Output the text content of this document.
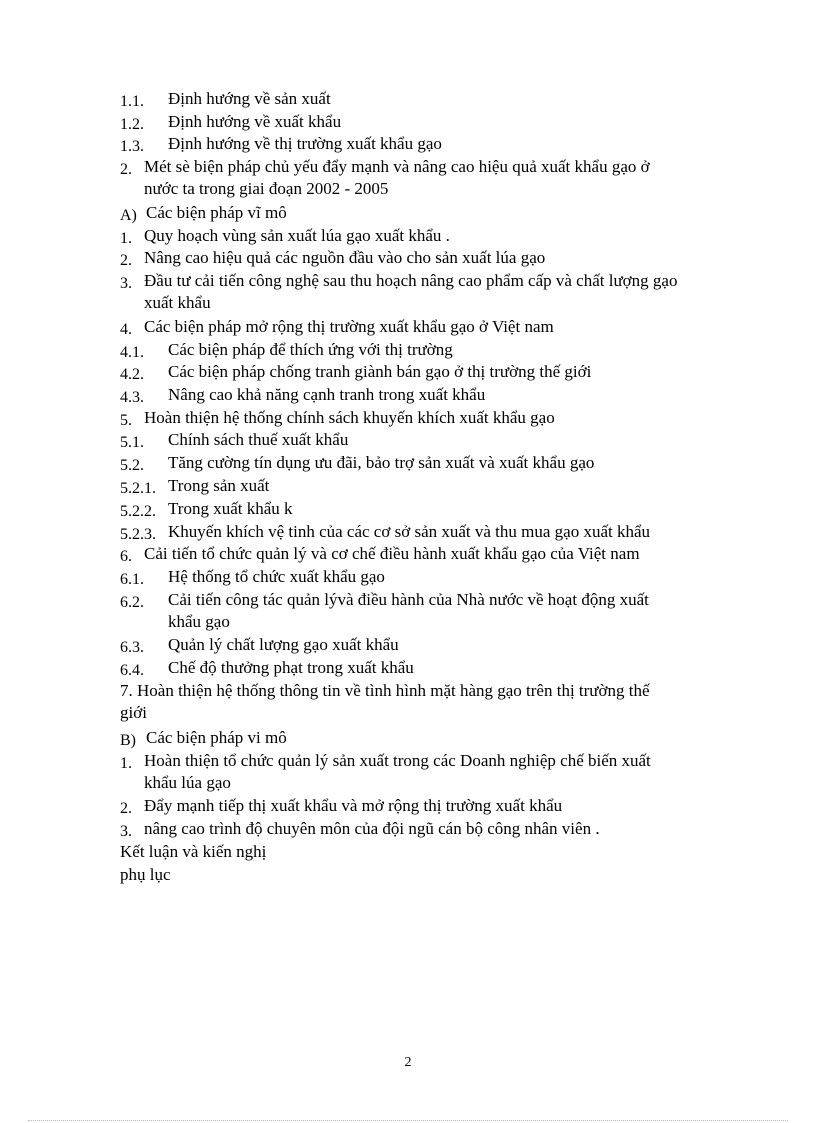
1.1.	Định hướng về sản xuất
1.2.	Định hướng về xuất khẩu
1.3.	Định hướng về thị trường xuất khẩu gạo
2. Mét sè biện pháp chủ yếu đẩy mạnh và nâng cao hiệu quả xuất khẩu gạo ở
nước ta trong giai đoạn 2002 - 2005
A) Các biện pháp vĩ mô
1. Quy hoạch vùng sản xuất lúa gạo xuất khẩu .
2. Nâng cao hiệu quả các nguồn đầu vào cho sản xuất lúa gạo
3. Đầu tư cải tiến công nghệ sau thu hoạch nâng cao phẩm cấp và chất lượng gạo
xuất khẩu
4. Các biện pháp mở rộng thị trường xuất khẩu gạo ở Việt nam
4.1.	Các biện pháp để thích ứng với thị trường
4.2.	Các biện pháp chống tranh giành bán gạo ở thị trường thế giới
4.3.	Nâng cao khả năng cạnh tranh trong xuất khẩu
5. Hoàn thiện hệ thống chính sách khuyến khích xuất khẩu gạo
5.1.	Chính sách thuế xuất khẩu
5.2.	Tăng cường tín dụng ưu đãi, bảo trợ sản xuất và xuất khẩu gạo
5.2.1. Trong sản xuất
5.2.2. Trong xuất khẩu k
5.2.3. Khuyến khích vệ tinh của các cơ sở sản xuất và thu mua gạo xuất khẩu
6. Cải tiến tổ chức quản lý và cơ chế điều hành xuất khẩu gạo của Việt nam
6.1.	Hệ thống tổ chức xuất khẩu gạo
6.2.	Cải tiến công tác quản lývà điều hành của Nhà nước về hoạt động xuất
khẩu gạo
6.3.	Quản lý chất lượng gạo xuất khẩu
6.4.	Chế độ thưởng phạt trong xuất khẩu
7. Hoàn thiện hệ thống thông tin về tình hình mặt hàng gạo trên thị trường thế
giới
B) Các biện pháp vi mô
1. Hoàn thiện tổ chức quản lý sản xuất trong các Doanh nghiệp chế biến xuất
khẩu lúa gạo
2. Đẩy mạnh tiếp thị xuất khẩu và mở rộng thị trường xuất khẩu
3. nâng cao trình độ chuyên môn của đội ngũ cán bộ công nhân viên .
Kết luận và kiến nghị
phụ lục
2
